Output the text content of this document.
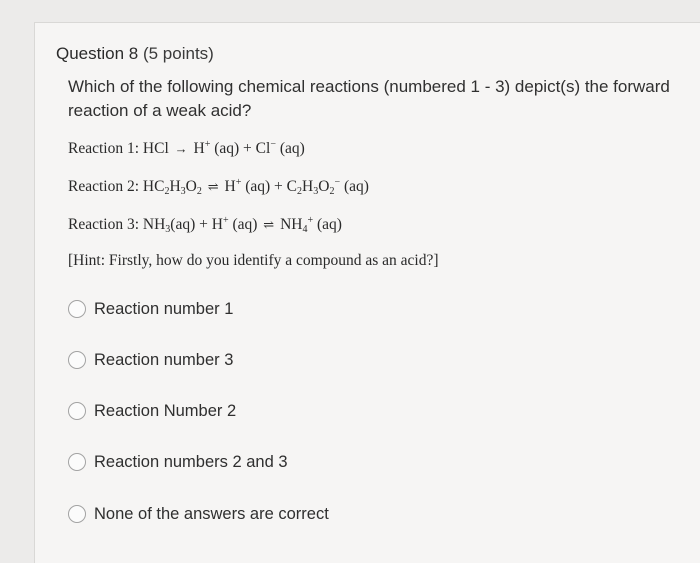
Question 8 (5 points)
Which of the following chemical reactions (numbered 1 - 3) depict(s) the forward reaction of a weak acid?
Reaction 1: HCl → H+ (aq) + Cl− (aq)
Reaction 2: $HC_2H_3O_2$ ⇌ H+ $(aq) + C_2H_3O_2^-$ (aq)
Reaction 3: $NH_3(aq) + H^+$ (aq) ⇌ $NH_4^+$ (aq)
[Hint: Firstly, how do you identify a compound as an acid?]
Reaction number 1
Reaction number 3
Reaction Number 2
Reaction numbers 2 and 3
None of the answers are correct
